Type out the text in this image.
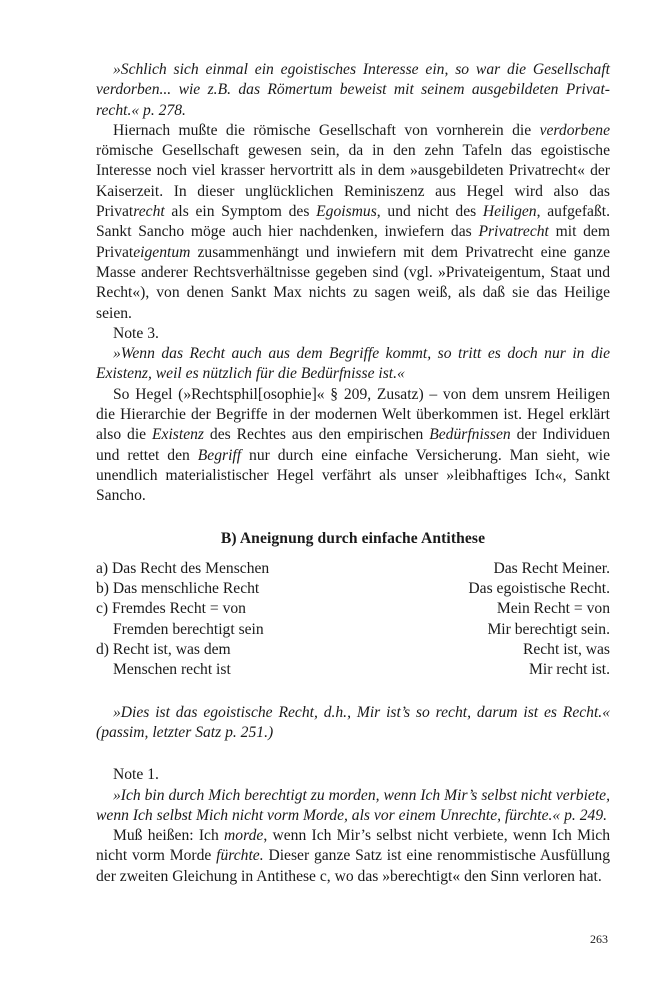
»Schlich sich einmal ein egoistisches Interesse ein, so war die Gesellschaft verdorben... wie z.B. das Römertum beweist mit seinem ausgebildeten Privatrecht.« p. 278.

Hiernach mußte die römische Gesellschaft von vornherein die verdorbene römische Gesellschaft gewesen sein, da in den zehn Tafeln das egoistische Interesse noch viel krasser hervortritt als in dem »ausgebildeten Privatrecht« der Kaiserzeit. In dieser unglücklichen Reminiszenz aus Hegel wird also das Privatrecht als ein Symptom des Egoismus, und nicht des Heiligen, aufgefaßt. Sankt Sancho möge auch hier nachdenken, inwiefern das Privatrecht mit dem Privateigentum zusammenhängt und inwiefern mit dem Privatrecht eine ganze Masse anderer Rechtsverhältnisse gegeben sind (vgl. »Privateigentum, Staat und Recht«), von denen Sankt Max nichts zu sagen weiß, als daß sie das Heilige seien.

Note 3.

»Wenn das Recht auch aus dem Begriffe kommt, so tritt es doch nur in die Existenz, weil es nützlich für die Bedürfnisse ist.«

So Hegel (»Rechtsphil[osophie]« § 209, Zusatz) – von dem unsrem Heiligen die Hierarchie der Begriffe in der modernen Welt überkommen ist. Hegel erklärt also die Existenz des Rechtes aus den empirischen Bedürfnissen der Individuen und rettet den Begriff nur durch eine einfache Versicherung. Man sieht, wie unendlich materialistischer Hegel verfährt als unser »leibhaftiges Ich«, Sankt Sancho.

B) Aneignung durch einfache Antithese
a) Das Recht des Menschen	Das Recht Meiner.
b) Das menschliche Recht	Das egoistische Recht.
c) Fremdes Recht = von	Mein Recht = von
Fremden berechtigt sein	Mir berechtigt sein.
d) Recht ist, was dem	Recht ist, was
Menschen recht ist	Mir recht ist.

»Dies ist das egoistische Recht, d.h., Mir ist’s so recht, darum ist es Recht.« (passim, letzter Satz p. 251.)

Note 1.

»Ich bin durch Mich berechtigt zu morden, wenn Ich Mir’s selbst nicht verbiete, wenn Ich selbst Mich nicht vorm Morde, als vor einem Unrechte, fürchte.« p. 249.

Muß heißen: Ich morde, wenn Ich Mir’s selbst nicht verbiete, wenn Ich Mich nicht vorm Morde fürchte. Dieser ganze Satz ist eine renommistische Ausfüllung der zweiten Gleichung in Antithese c, wo das »berechtigt« den Sinn verloren hat.

263
